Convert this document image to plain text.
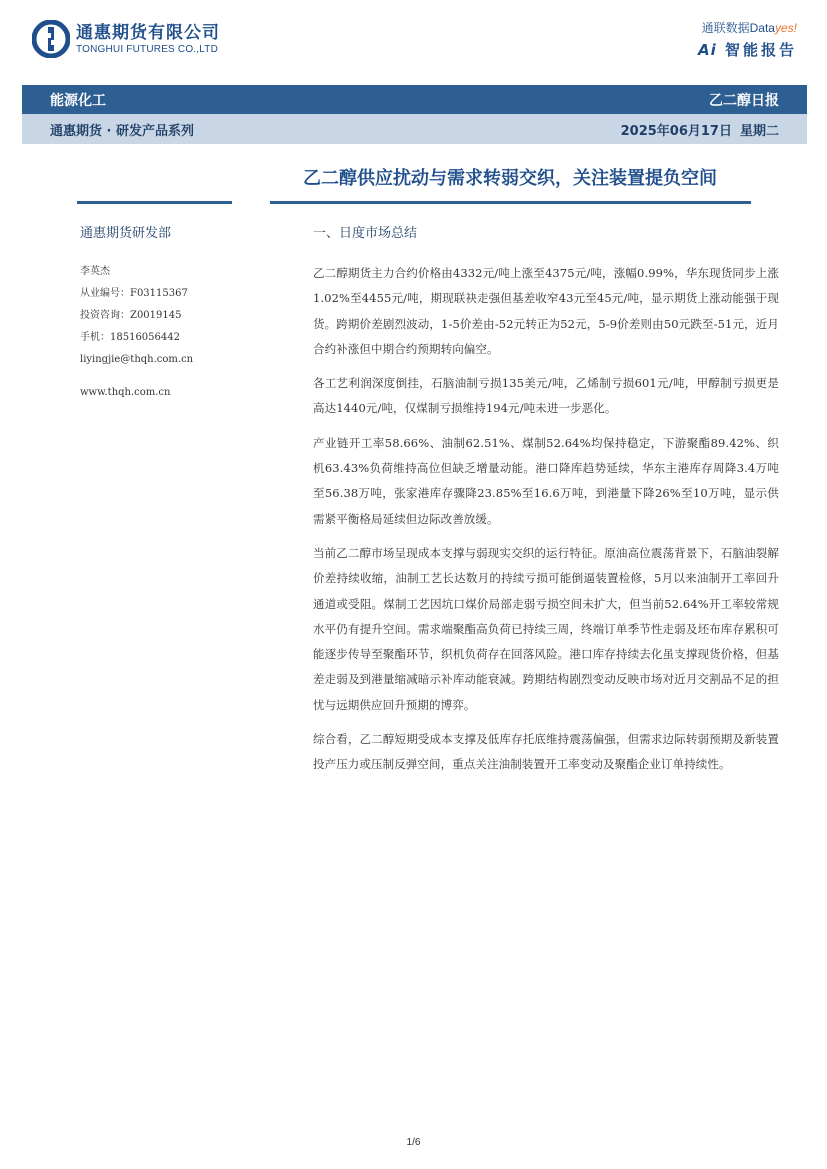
通惠期货有限公司
TONGHUI FUTURES CO.,LTD
通联数据Datayes!
Ai 智能报告
能源化工	乙二醇日报
通惠期货 · 研发产品系列	2025年06月17日 星期二
乙二醇供应扰动与需求转弱交织，关注装置提负空间
通惠期货研发部
李英杰
从业编号：F03115367
投资咨询：Z0019145
手机：18516056442
liyingjie@thqh.com.cn
www.thqh.com.cn
一、日度市场总结

乙二醇期货主力合约价格由4332元/吨上涨至4375元/吨，涨幅0.99%，华东现货同步上涨1.02%至4455元/吨，期现联袂走强但基差收窄43元至45元/吨，显示期货上涨动能强于现货。跨期价差剧烈波动，1-5价差由-52元转正为52元，5-9价差则由50元跌至-51元，近月合约补涨但中期合约预期转向偏空。

各工艺利润深度倒挂，石脑油制亏损135美元/吨，乙烯制亏损601元/吨，甲醇制亏损更是高达1440元/吨，仅煤制亏损维持194元/吨未进一步恶化。

产业链开工率58.66%、油制62.51%、煤制52.64%均保持稳定，下游聚酯89.42%、织机63.43%负荷维持高位但缺乏增量动能。港口降库趋势延续，华东主港库存周降3.4万吨至56.38万吨，张家港库存骤降23.85%至16.6万吨，到港量下降26%至10万吨，显示供需紧平衡格局延续但边际改善放缓。

当前乙二醇市场呈现成本支撑与弱现实交织的运行特征。原油高位震荡背景下，石脑油裂解价差持续收缩，油制工艺长达数月的持续亏损可能倒逼装置检修，5月以来油制开工率回升通道或受阻。煤制工艺因坑口煤价局部走弱亏损空间未扩大，但当前52.64%开工率较常规水平仍有提升空间。需求端聚酯高负荷已持续三周，终端订单季节性走弱及坯布库存累积可能逐步传导至聚酯环节，织机负荷存在回落风险。港口库存持续去化虽支撑现货价格，但基差走弱及到港量缩减暗示补库动能衰减。跨期结构剧烈变动反映市场对近月交割品不足的担忧与远期供应回升预期的博弈。

综合看，乙二醇短期受成本支撑及低库存托底维持震荡偏强，但需求边际转弱预期及新装置投产压力或压制反弹空间，重点关注油制装置开工率变动及聚酯企业订单持续性。

1/6
